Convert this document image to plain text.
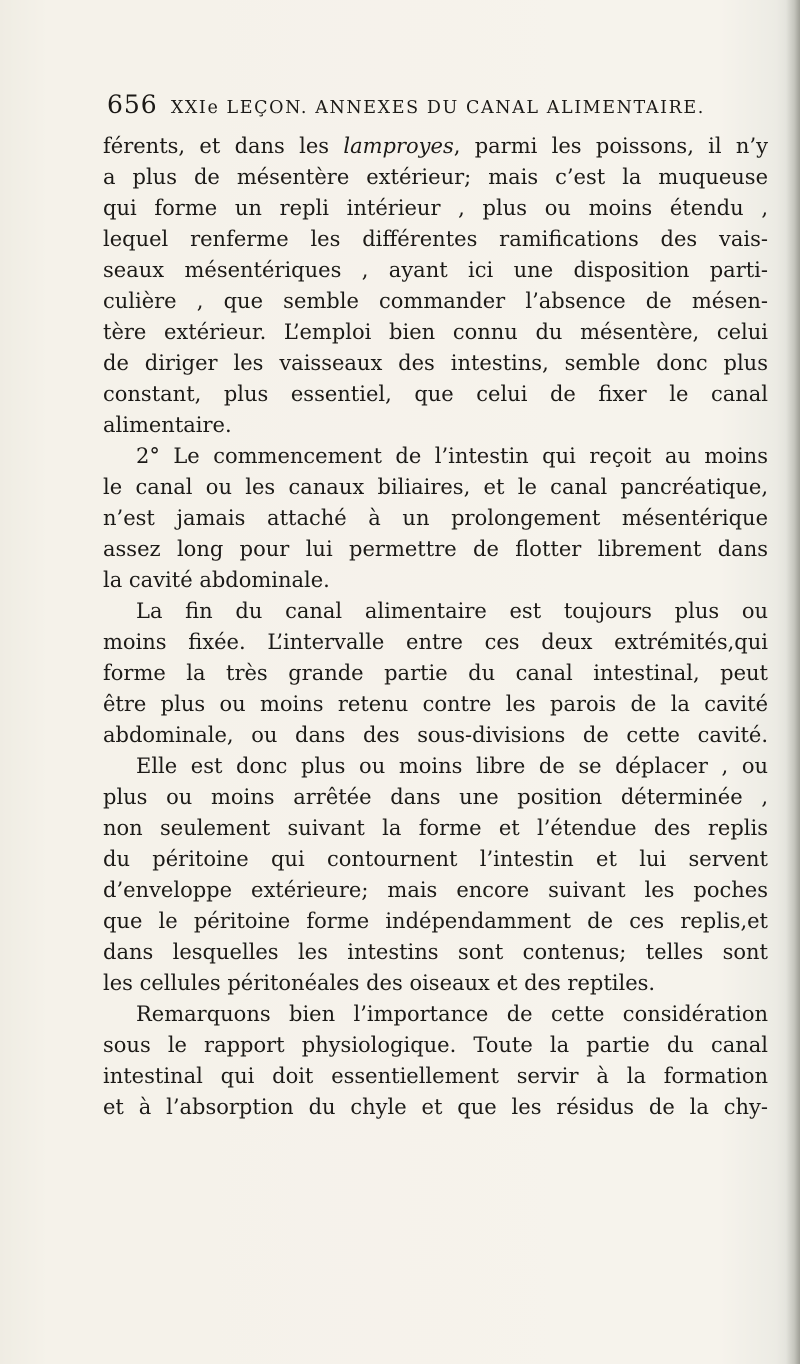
656 XXIe LEÇON. ANNEXES DU CANAL ALIMENTAIRE.
férents, et dans les lamproyes, parmi les poissons, il n’y
a plus de mésentère extérieur; mais c’est la muqueuse
qui forme un repli intérieur , plus ou moins étendu ,
lequel renferme les différentes ramifications des vais-
seaux mésentériques , ayant ici une disposition parti-
culière , que semble commander l’absence de mésen-
tère extérieur. L’emploi bien connu du mésentère, celui
de diriger les vaisseaux des intestins, semble donc plus
constant, plus essentiel, que celui de fixer le canal
alimentaire.
2° Le commencement de l’intestin qui reçoit au moins
le canal ou les canaux biliaires, et le canal pancréatique,
n’est jamais attaché à un prolongement mésentérique
assez long pour lui permettre de flotter librement dans
la cavité abdominale.
La fin du canal alimentaire est toujours plus ou
moins fixée. L’intervalle entre ces deux extrémités,qui
forme la très grande partie du canal intestinal, peut
être plus ou moins retenu contre les parois de la cavité
abdominale, ou dans des sous-divisions de cette cavité.
Elle est donc plus ou moins libre de se déplacer , ou
plus ou moins arrêtée dans une position déterminée ,
non seulement suivant la forme et l’étendue des replis
du péritoine qui contournent l’intestin et lui servent
d’enveloppe extérieure; mais encore suivant les poches
que le péritoine forme indépendamment de ces replis,et
dans lesquelles les intestins sont contenus; telles sont
les cellules péritonéales des oiseaux et des reptiles.
Remarquons bien l’importance de cette considération
sous le rapport physiologique. Toute la partie du canal
intestinal qui doit essentiellement servir à la formation
et à l’absorption du chyle et que les résidus de la chy-
